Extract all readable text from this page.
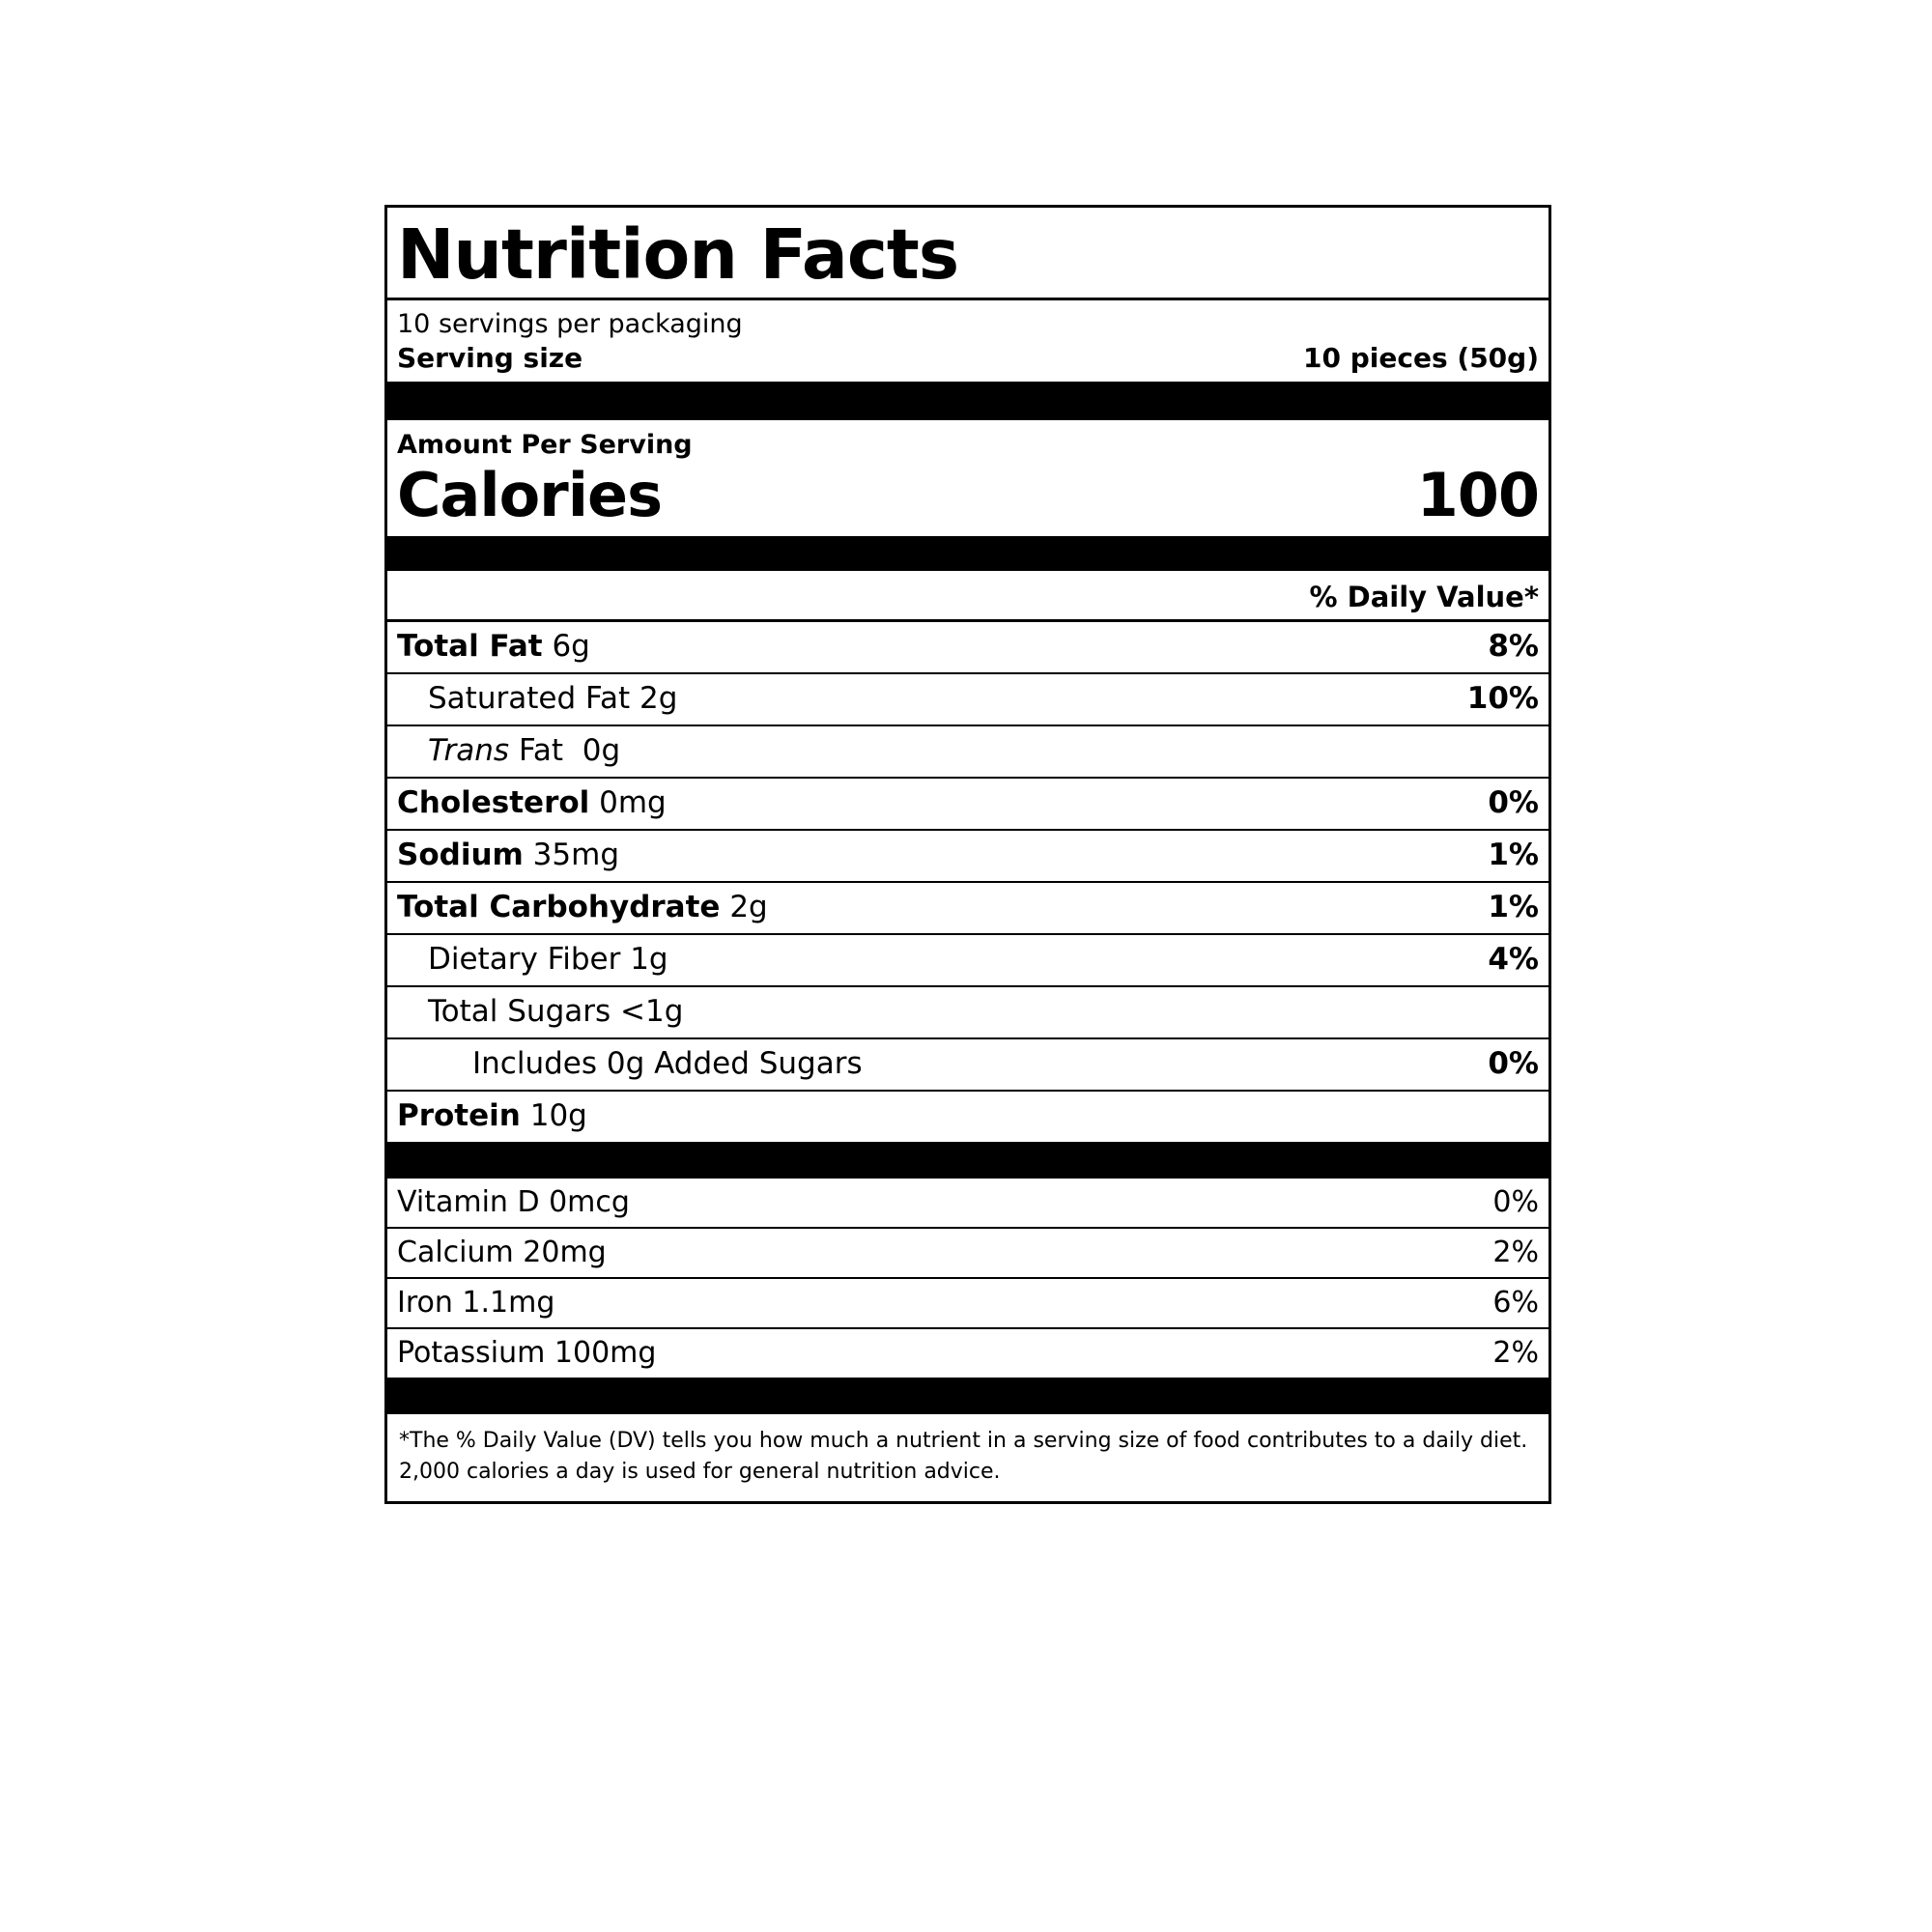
Nutrition Facts
10 servings per packaging
Serving size	10 pieces (50g)
Amount Per Serving
Calories	100
% Daily Value*
Total Fat 6g	8%
Saturated Fat 2g	10%
Trans Fat  0g
Cholesterol 0mg	0%
Sodium 35mg	1%
Total Carbohydrate 2g	1%
Dietary Fiber 1g	4%
Total Sugars <1g
Includes 0g Added Sugars	0%
Protein 10g
Vitamin D 0mcg	0%
Calcium 20mg	2%
Iron 1.1mg	6%
Potassium 100mg	2%
*The % Daily Value (DV) tells you how much a nutrient in a serving size of food contributes to a daily diet. 2,000 calories a day is used for general nutrition advice.
